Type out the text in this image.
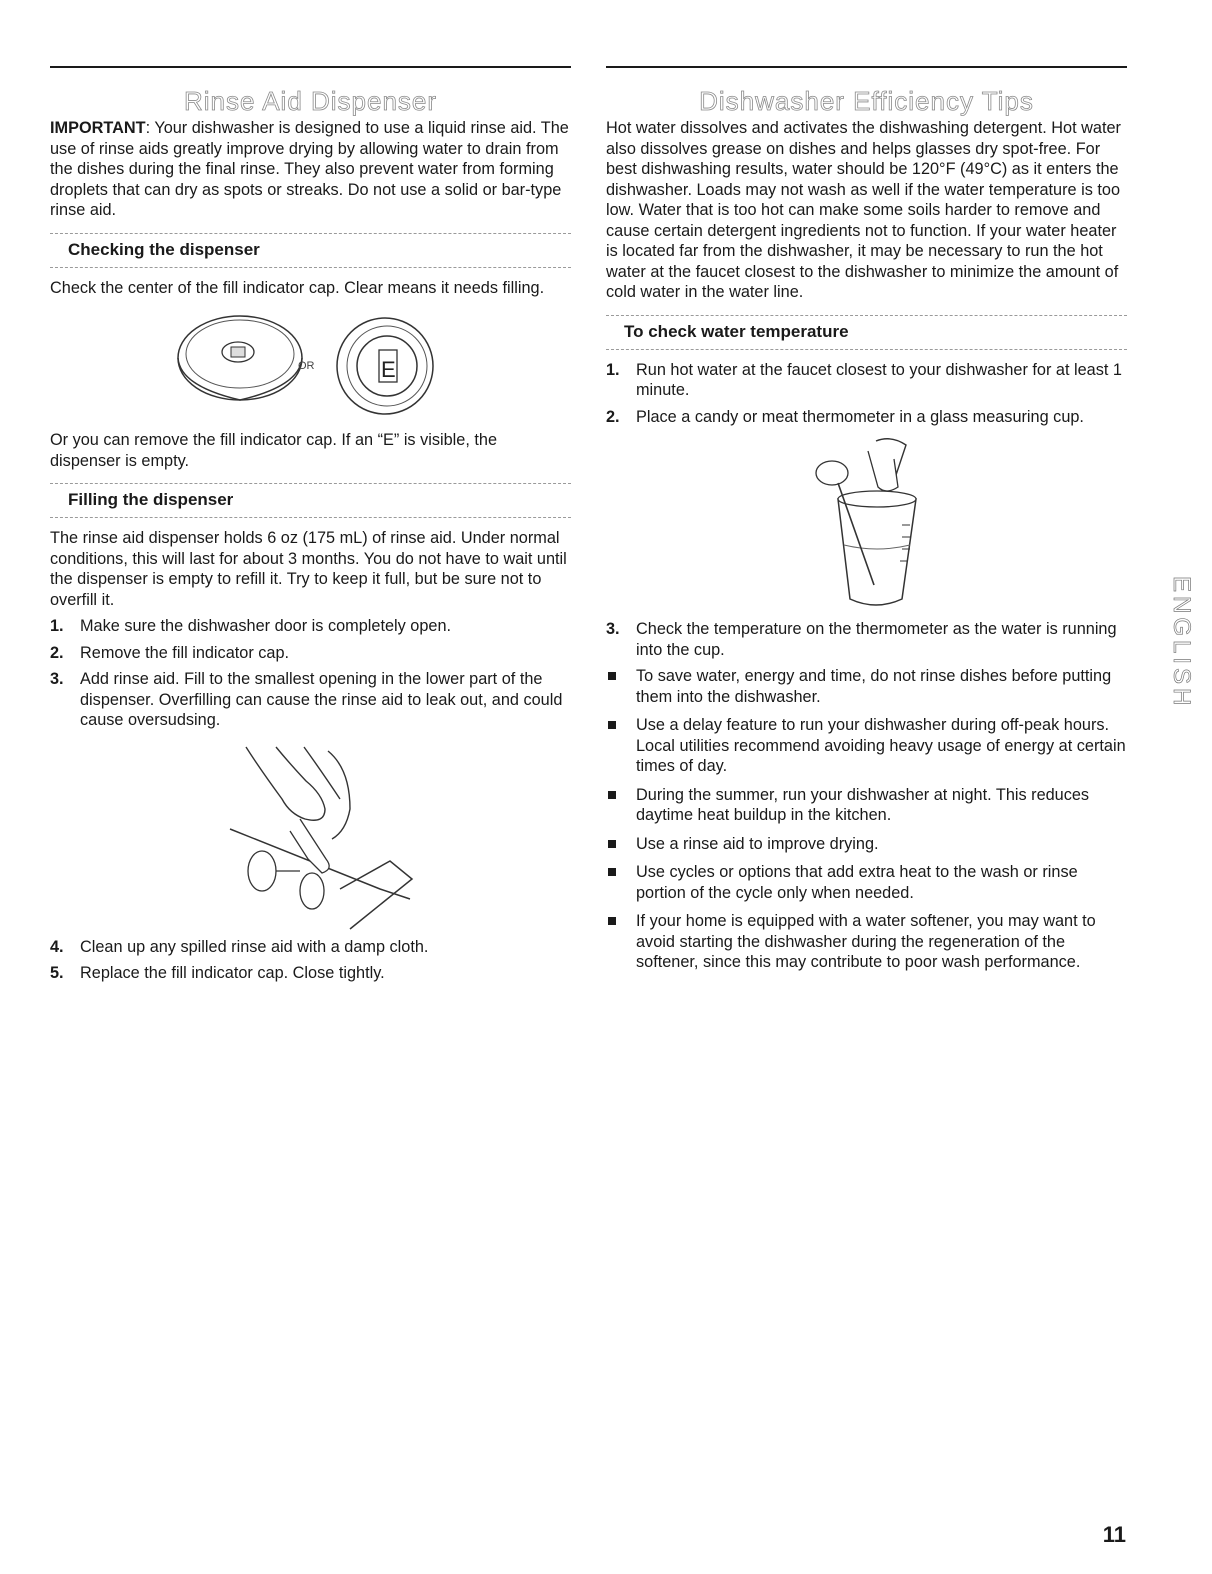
Rinse Aid Dispenser

IMPORTANT: Your dishwasher is designed to use a liquid rinse aid. The use of rinse aids greatly improve drying by allowing water to drain from the dishes during the final rinse. They also prevent water from forming droplets that can dry as spots or streaks. Do not use a solid or bar-type rinse aid.

Checking the dispenser

Check the center of the fill indicator cap. Clear means it needs filling.

OR	E

Or you can remove the fill indicator cap. If an “E” is visible, the dispenser is empty.

Filling the dispenser

The rinse aid dispenser holds 6 oz (175 mL) of rinse aid. Under normal conditions, this will last for about 3 months. You do not have to wait until the dispenser is empty to refill it. Try to keep it full, but be sure not to overfill it.

1. Make sure the dishwasher door is completely open.
2. Remove the fill indicator cap.
3. Add rinse aid. Fill to the smallest opening in the lower part of the dispenser. Overfilling can cause the rinse aid to leak out, and could cause oversudsing.
4. Clean up any spilled rinse aid with a damp cloth.
5. Replace the fill indicator cap. Close tightly.
Dishwasher Efficiency Tips

Hot water dissolves and activates the dishwashing detergent. Hot water also dissolves grease on dishes and helps glasses dry spot-free. For best dishwashing results, water should be 120°F (49°C) as it enters the dishwasher. Loads may not wash as well if the water temperature is too low. Water that is too hot can make some soils harder to remove and cause certain detergent ingredients not to function. If your water heater is located far from the dishwasher, it may be necessary to run the hot water at the faucet closest to the dishwasher to minimize the amount of cold water in the water line.

To check water temperature
1. Run hot water at the faucet closest to your dishwasher for at least 1 minute.
2. Place a candy or meat thermometer in a glass measuring cup.
3. Check the temperature on the thermometer as the water is running into the cup.
To save water, energy and time, do not rinse dishes before putting them into the dishwasher.
Use a delay feature to run your dishwasher during off-peak hours. Local utilities recommend avoiding heavy usage of energy at certain times of day.
During the summer, run your dishwasher at night. This reduces daytime heat buildup in the kitchen.
Use a rinse aid to improve drying.
Use cycles or options that add extra heat to the wash or rinse portion of the cycle only when needed.
If your home is equipped with a water softener, you may want to avoid starting the dishwasher during the regeneration of the softener, since this may contribute to poor wash performance.
ENGLISH
11
